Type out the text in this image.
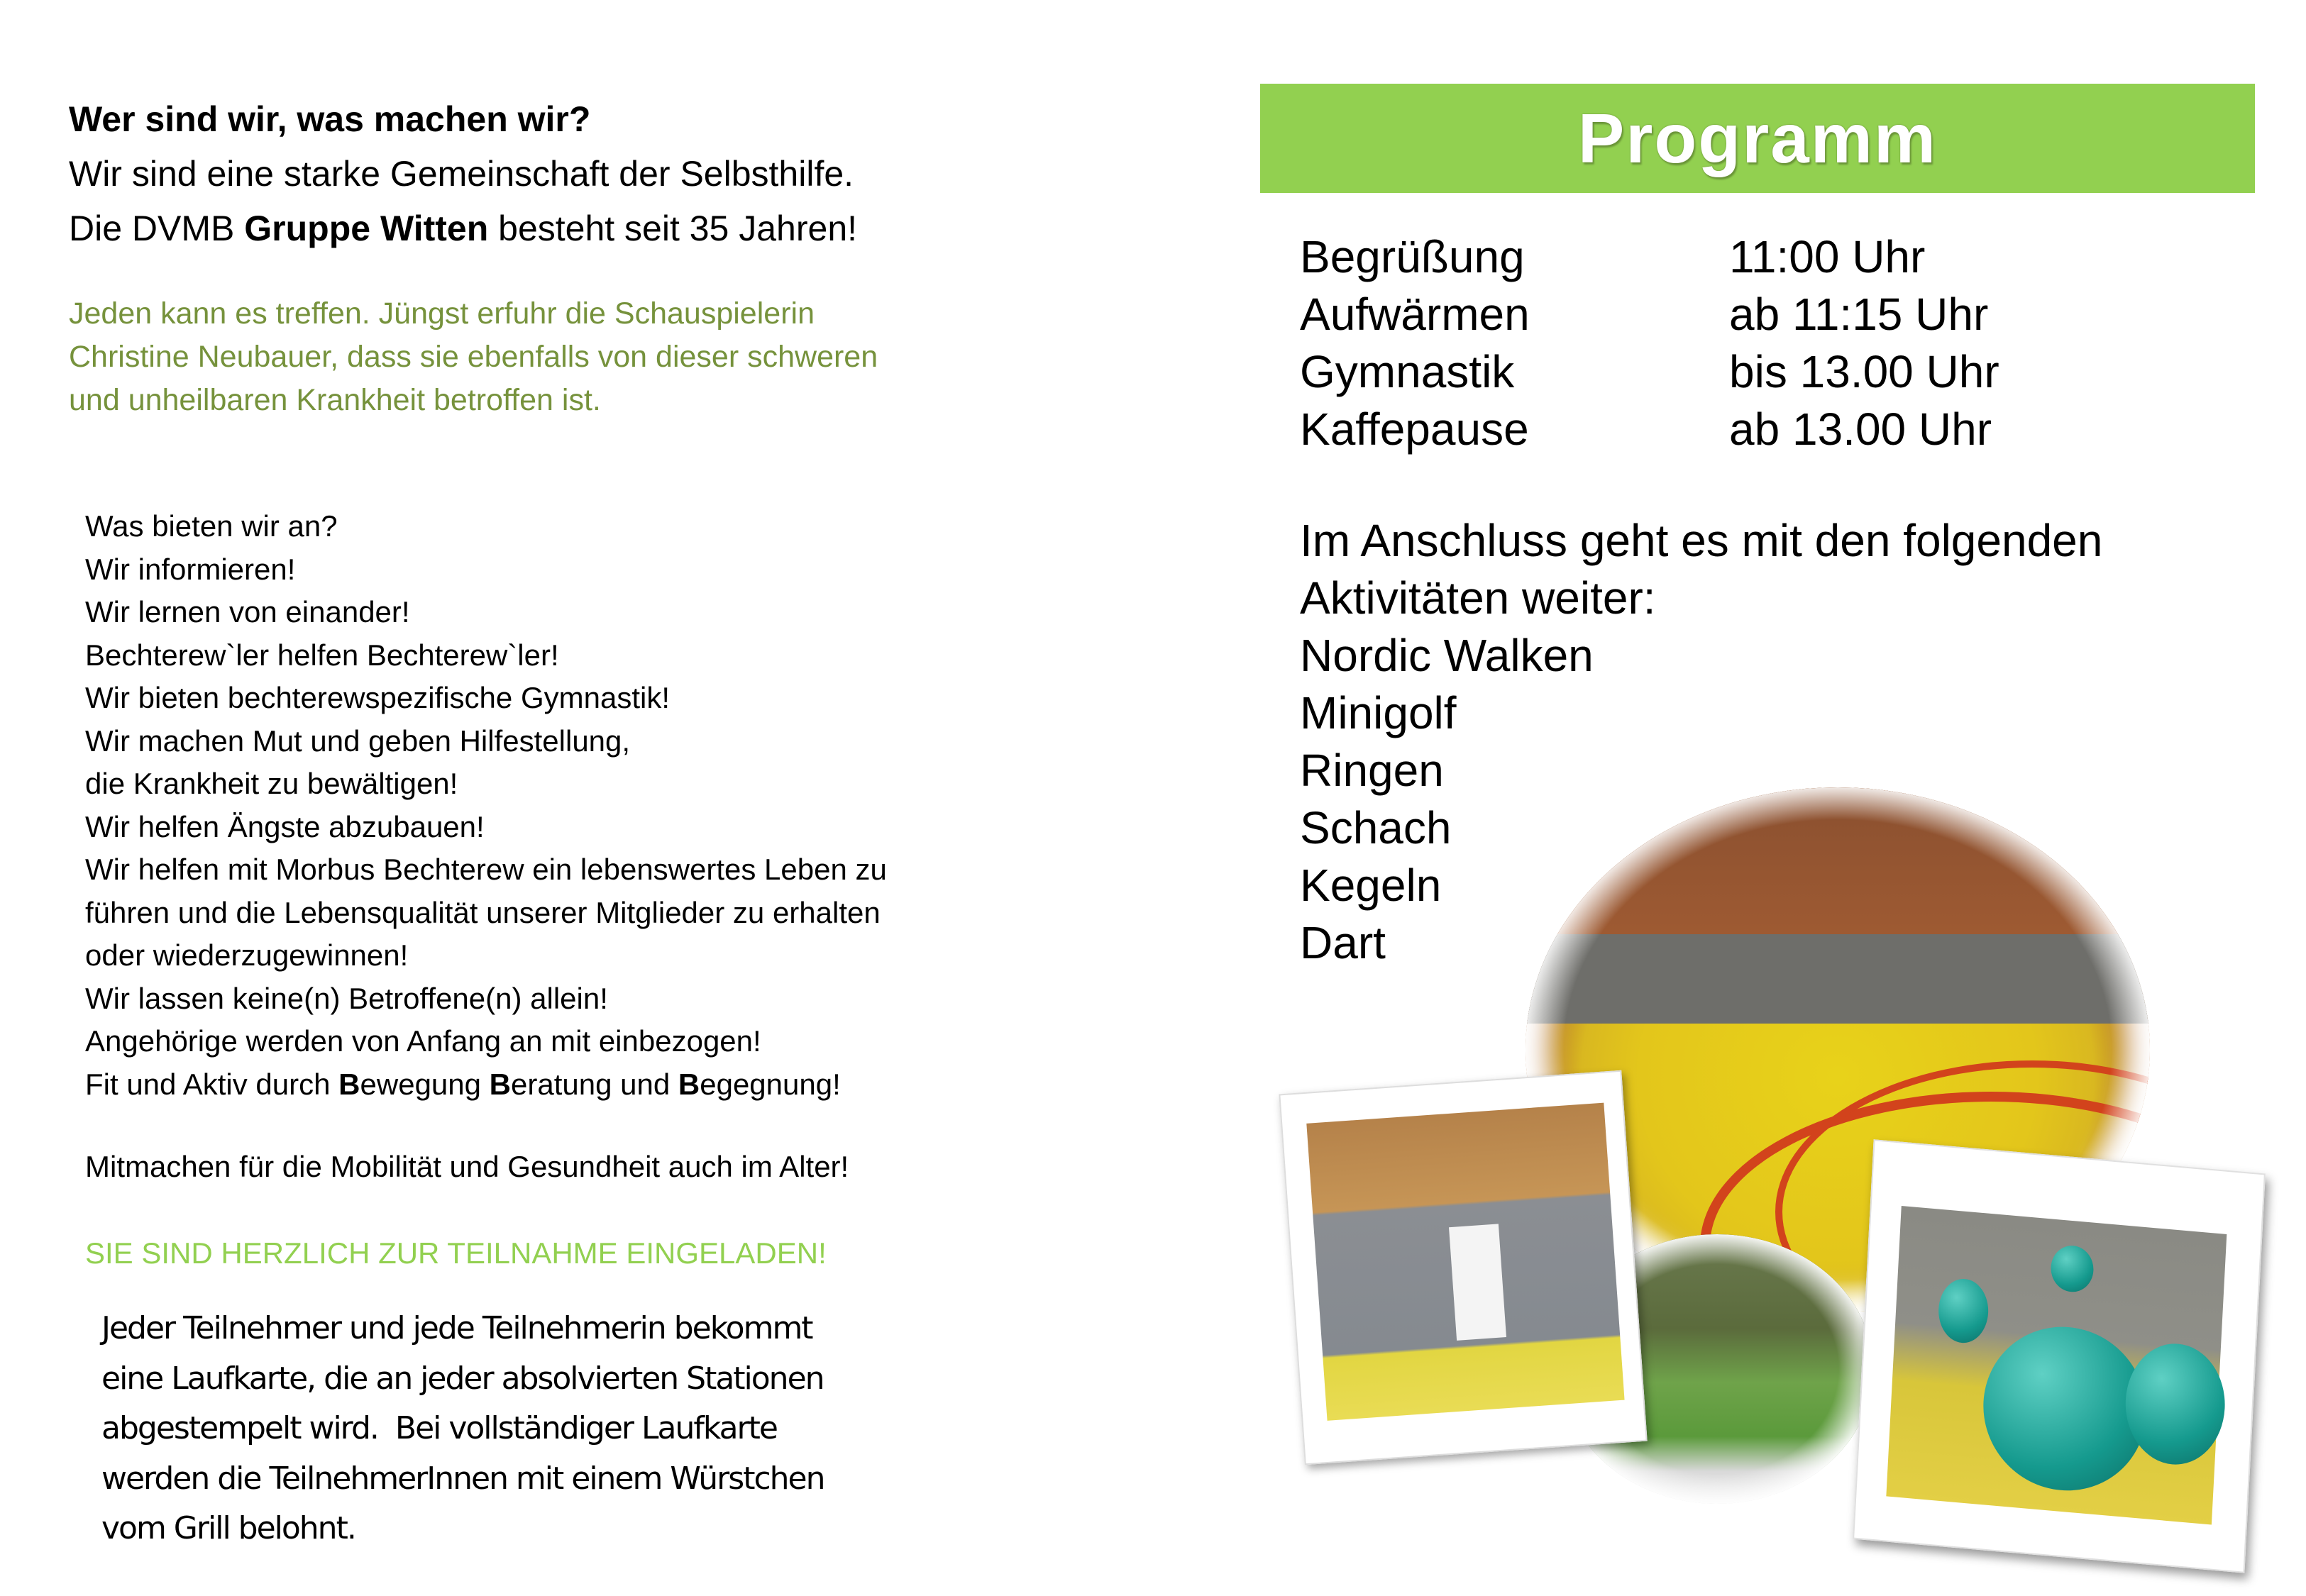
Wer sind wir, was machen wir?
Wir sind eine starke Gemeinschaft der Selbsthilfe.
Die DVMB Gruppe Witten besteht seit 35 Jahren!
Jeden kann es treffen. Jüngst erfuhr die Schauspielerin
Christine Neubauer, dass sie ebenfalls von dieser schweren
und unheilbaren Krankheit betroffen ist.
Was bieten wir an?
Wir informieren!
Wir lernen von einander!
Bechterew`ler helfen Bechterew`ler!
Wir bieten bechterewspezifische Gymnastik!
Wir machen Mut und geben Hilfestellung,
die Krankheit zu bewältigen!
Wir helfen Ängste abzubauen!
Wir helfen mit Morbus Bechterew ein lebenswertes Leben zu
führen und die Lebensqualität unserer Mitglieder zu erhalten
oder wiederzugewinnen!
Wir lassen keine(n) Betroffene(n) allein!
Angehörige werden von Anfang an mit einbezogen!
Fit und Aktiv durch Bewegung Beratung und Begegnung!
Mitmachen für die Mobilität und Gesundheit auch im Alter!
SIE SIND HERZLICH ZUR TEILNAHME EINGELADEN!
Jeder Teilnehmer und jede Teilnehmerin bekommt
eine Laufkarte, die an jeder absolvierten Stationen
abgestempelt wird.  Bei vollständiger Laufkarte
werden die TeilnehmerInnen mit einem Würstchen
vom Grill belohnt.
Programm
Begrüßung	11:00 Uhr
Aufwärmen	ab 11:15 Uhr
Gymnastik	bis 13.00 Uhr
Kaffepause	ab 13.00 Uhr
Im Anschluss geht es mit den folgenden
Aktivitäten weiter:
Nordic Walken
Minigolf
Ringen
Schach
Kegeln
Dart
